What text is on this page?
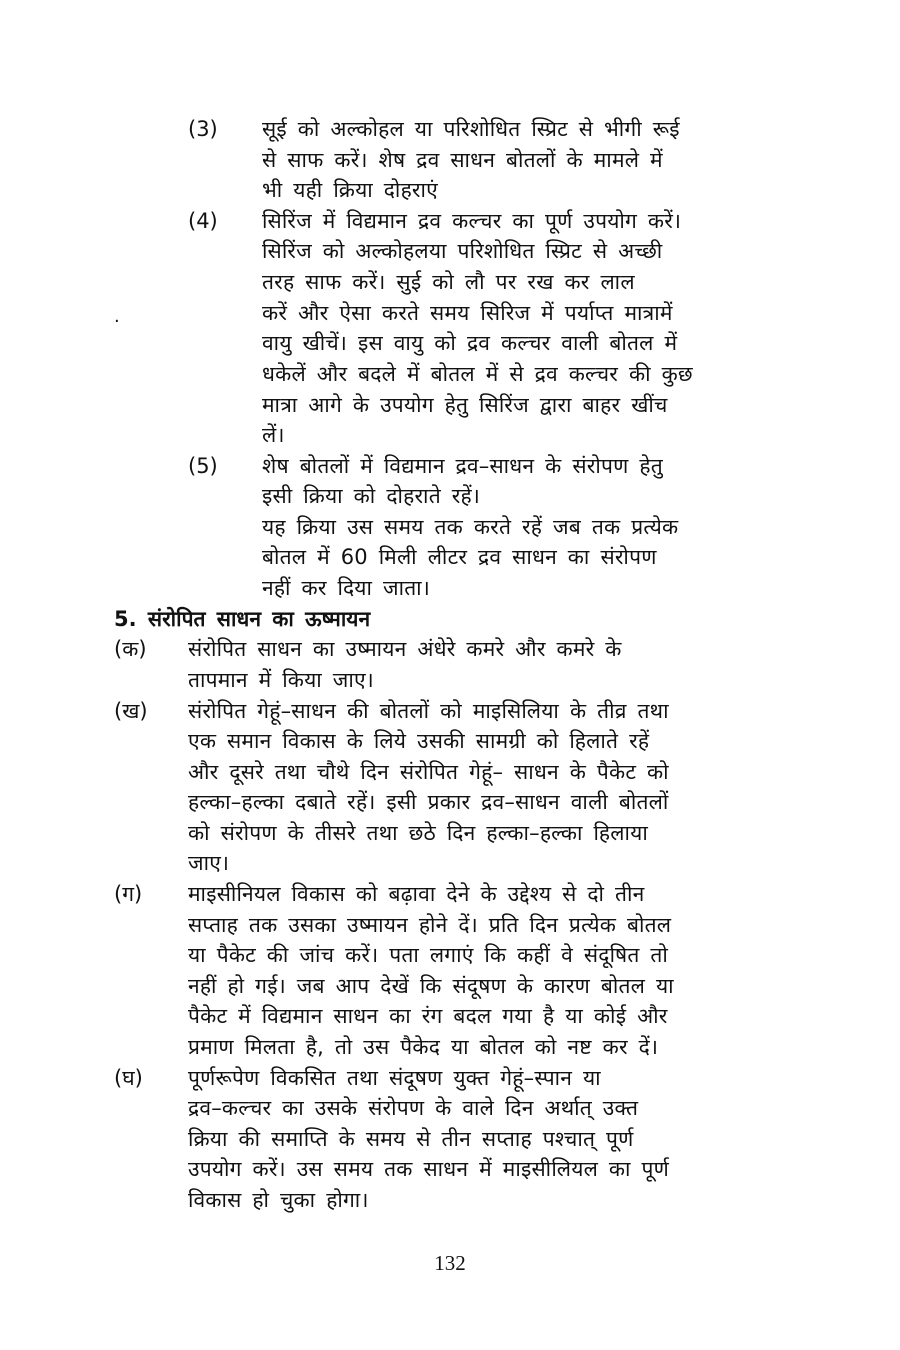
(3) सूई को अल्कोहल या परिशोधित स्प्रिट से भीगी रूई
से साफ करें। शेष द्रव साधन बोतलों के मामले में
भी यही क्रिया दोहराएं
(4) सिरिंज में विद्यमान द्रव कल्चर का पूर्ण उपयोग करें।
सिरिंज को अल्कोहलया परिशोधित स्प्रिट से अच्छी
तरह साफ करें। सुई को लौ पर रख कर लाल
.	करें और ऐसा करते समय सिरिज में पर्याप्त मात्रामें
वायु खीचें। इस वायु को द्रव कल्चर वाली बोतल में
धकेलें और बदले में बोतल में से द्रव कल्चर की कुछ
मात्रा आगे के उपयोग हेतु सिरिंज द्वारा बाहर खींच
लें।
(5) शेष बोतलों में विद्यमान द्रव–साधन के संरोपण हेतु
इसी क्रिया को दोहराते रहें।
यह क्रिया उस समय तक करते रहें जब तक प्रत्येक
बोतल में 60 मिली लीटर द्रव साधन का संरोपण
नहीं कर दिया जाता।
5. संरोपित साधन का ऊष्मायन
(क) संरोपित साधन का उष्मायन अंधेरे कमरे और कमरे के
तापमान में किया जाए।
(ख) संरोपित गेहूं–साधन की बोतलों को माइसिलिया के तीव्र तथा
एक समान विकास के लिये उसकी सामग्री को हिलाते रहें
और दूसरे तथा चौथे दिन संरोपित गेहूं– साधन के पैकेट को
हल्का–हल्का दबाते रहें। इसी प्रकार द्रव–साधन वाली बोतलों
को संरोपण के तीसरे तथा छठे दिन हल्का–हल्का हिलाया
जाए।
(ग) माइसीनियल विकास को बढ़ावा देने के उद्देश्य से दो तीन
सप्ताह तक उसका उष्मायन होने दें। प्रति दिन प्रत्येक बोतल
या पैकेट की जांच करें। पता लगाएं कि कहीं वे संदूषित तो
नहीं हो गई। जब आप देखें कि संदूषण के कारण बोतल या
पैकेट में विद्यमान साधन का रंग बदल गया है या कोई और
प्रमाण मिलता है, तो उस पैकेद या बोतल को नष्ट कर दें।
(घ) पूर्णरूपेण विकसित तथा संदूषण युक्त गेहूं–स्पान या
द्रव–कल्चर का उसके संरोपण के वाले दिन अर्थात् उक्त
क्रिया की समाप्ति के समय से तीन सप्ताह पश्चात् पूर्ण
उपयोग करें। उस समय तक साधन में माइसीलियल का पूर्ण
विकास हो चुका होगा।
132
